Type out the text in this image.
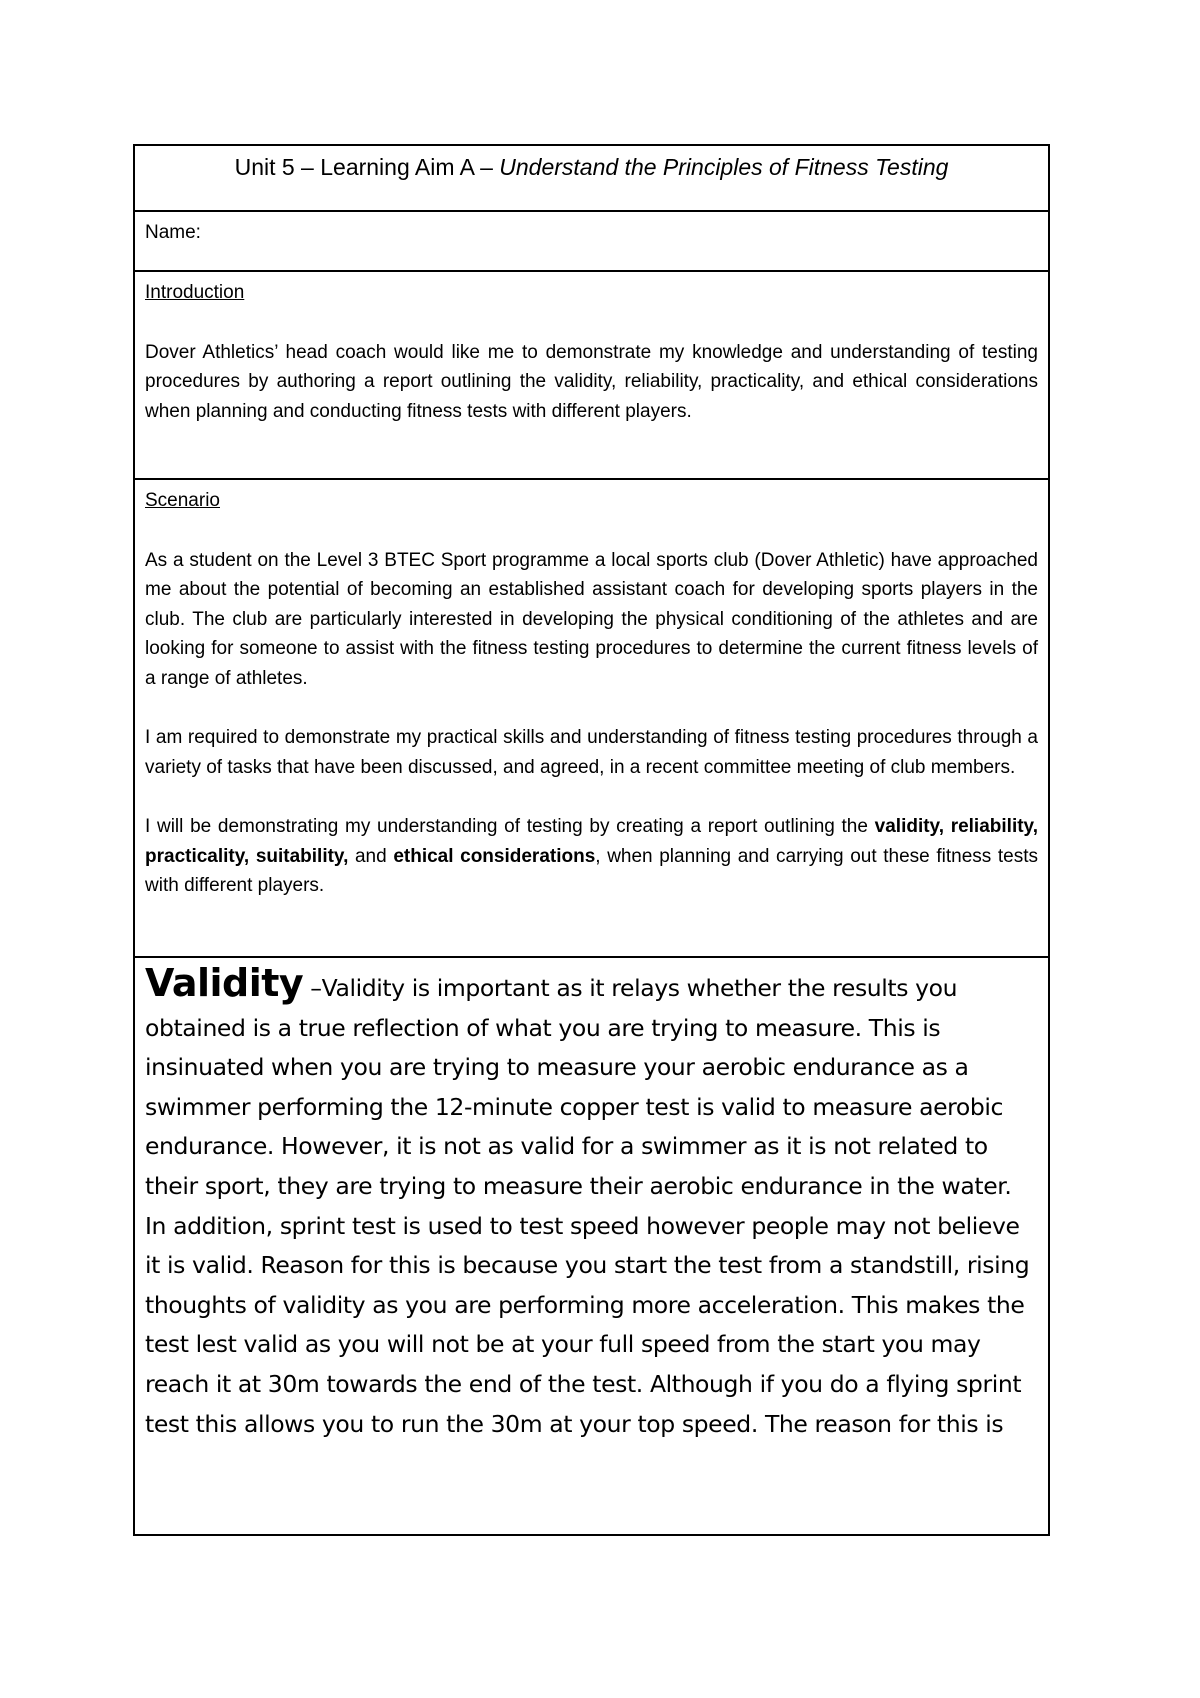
Unit 5 – Learning Aim A – Understand the Principles of Fitness Testing
Name:
Introduction

Dover Athletics’ head coach would like me to demonstrate my knowledge and understanding of testing procedures by authoring a report outlining the validity, reliability, practicality, and ethical considerations when planning and conducting fitness tests with different players.

Scenario

As a student on the Level 3 BTEC Sport programme a local sports club (Dover Athletic) have approached me about the potential of becoming an established assistant coach for developing sports players in the club. The club are particularly interested in developing the physical conditioning of the athletes and are looking for someone to assist with the fitness testing procedures to determine the current fitness levels of a range of athletes.

I am required to demonstrate my practical skills and understanding of fitness testing procedures through a variety of tasks that have been discussed, and agreed, in a recent committee meeting of club members.

I will be demonstrating my understanding of testing by creating a report outlining the validity, reliability, practicality, suitability, and ethical considerations, when planning and carrying out these fitness tests with different players.

Validity –Validity is important as it relays whether the results you obtained is a true reflection of what you are trying to measure. This is insinuated when you are trying to measure your aerobic endurance as a swimmer performing the 12-minute copper test is valid to measure aerobic endurance. However, it is not as valid for a swimmer as it is not related to their sport, they are trying to measure their aerobic endurance in the water.

In addition, sprint test is used to test speed however people may not believe it is valid. Reason for this is because you start the test from a standstill, rising thoughts of validity as you are performing more acceleration. This makes the test lest valid as you will not be at your full speed from the start you may reach it at 30m towards the end of the test. Although if you do a flying sprint test this allows you to run the 30m at your top speed. The reason for this is
